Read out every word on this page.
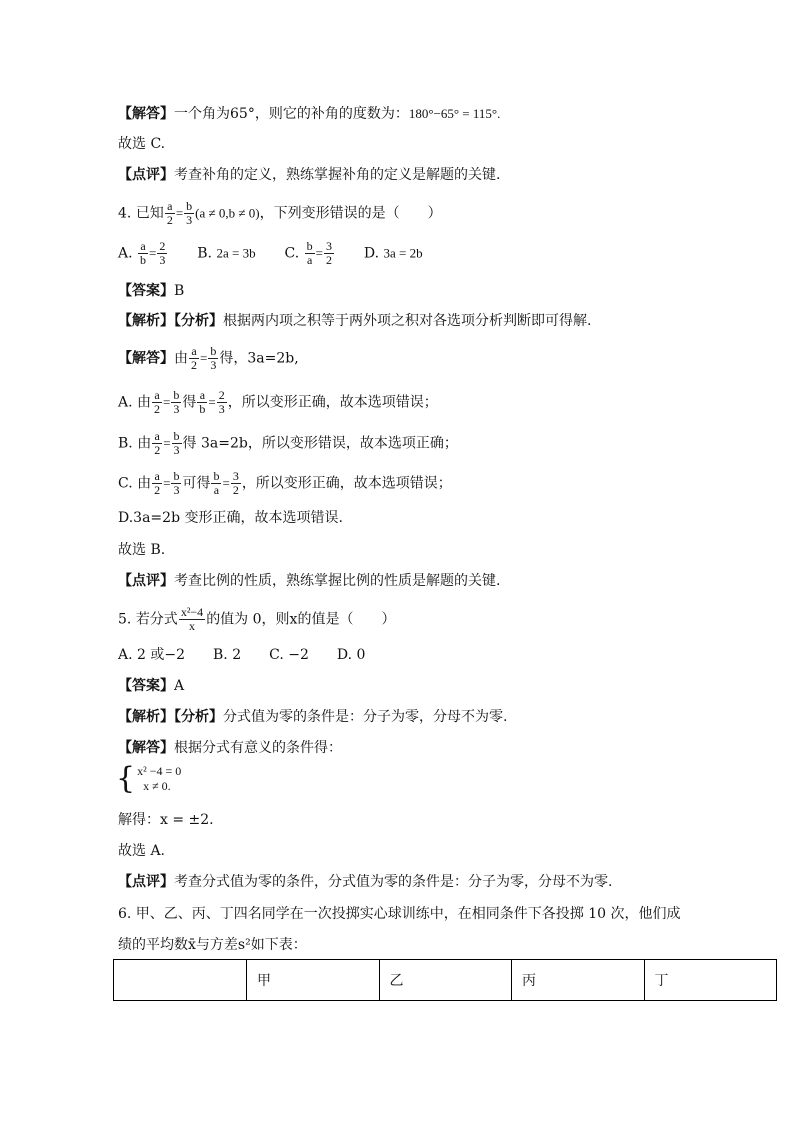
【解答】一个角为65°，则它的补角的度数为：180°−65° = 115°.
故选 C.
【点评】考查补角的定义，熟练掌握补角的定义是解题的关键.
4. 已知 $\frac{a}{2} = \frac{b}{3} (a \ne 0,b \ne 0)$，下列变形错误的是（　　）
A. $\frac{a}{b} = \frac{2}{3} B$. 2a = 3b C. $\frac{b}{a} = \frac{3}{2} D$. 3a = 2b
【答案】B
【解析】【分析】根据两内项之积等于两外项之积对各选项分析判断即可得解.
【解答】由 $\frac{a}{2} = \frac{b}{3}$ 得，3a=2b,
A. 由 $\frac{a}{2} = \frac{b}{3}$ 得 $\frac{a}{b} = \frac{2}{3}$ ，所以变形正确，故本选项错误；
B. 由 $\frac{a}{2} = \frac{b}{3}$ 得 3a=2b，所以变形错误，故本选项正确；
C. 由 $\frac{a}{2} = \frac{b}{3}$ 可得 $\frac{b}{a} = \frac{3}{2}$ ，所以变形正确，故本选项错误；
D.3a=2b 变形正确，故本选项错误.
故选 B.
【点评】考查比例的性质，熟练掌握比例的性质是解题的关键.
5. 若分式 $\frac{\text{x²−4}}{x}$ 的值为 0，则x的值是（　　）
A. 2 或−2　　B. 2　　C. −2　　D. 0
【答案】A
【解析】【分析】分式值为零的条件是：分子为零，分母不为零.
【解答】根据分式有意义的条件得：
{ x² −4 = 0
x ≠ 0.
解得：x = ±2.
故选 A.
【点评】考查分式值为零的条件，分式值为零的条件是：分子为零，分母不为零.
6. 甲、乙、丙、丁四名同学在一次投掷实心球训练中，在相同条件下各投掷 10 次，他们成
绩的平均数x̄与方差s²如下表：
	甲	乙	丙	丁
